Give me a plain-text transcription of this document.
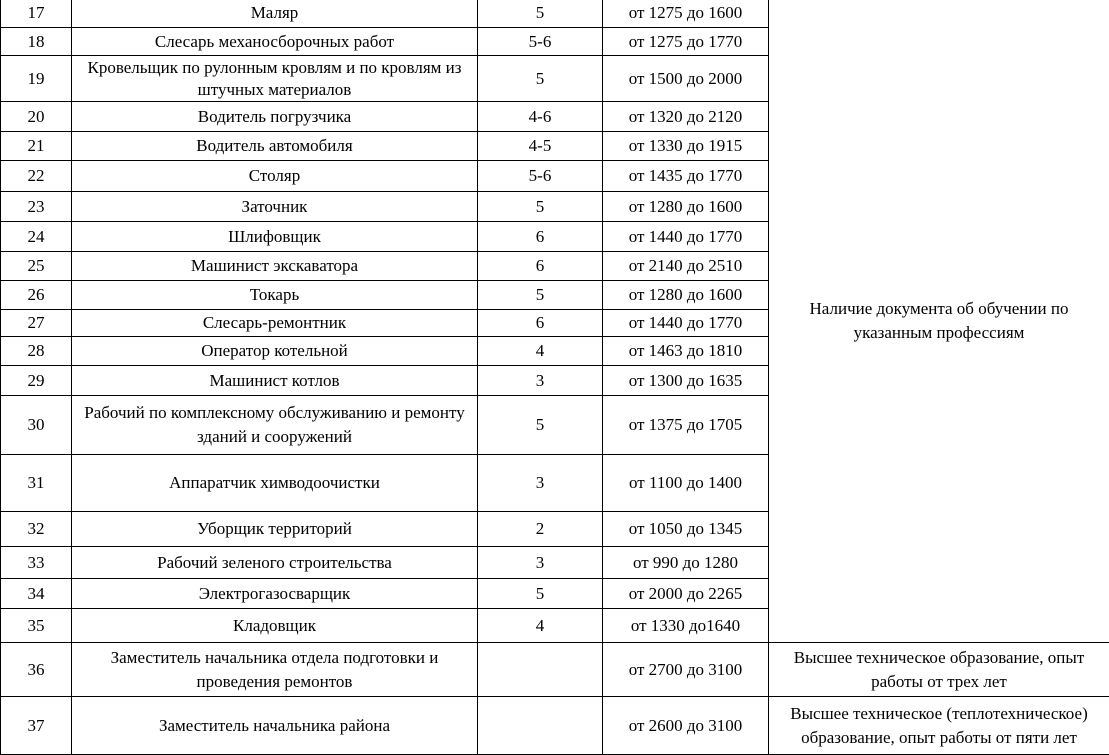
17	Маляр	5	от 1275 до 1600	Наличие документа об обучении по указанным профессиям
18	Слесарь механосборочных работ	5-6	от 1275 до 1770	
19	Кровельщик по рулонным кровлям и по кровлям из штучных материалов	5	от 1500 до 2000	
20	Водитель погрузчика	4-6	от 1320 до 2120	
21	Водитель автомобиля	4-5	от 1330 до 1915	
22	Столяр	5-6	от 1435 до 1770	
23	Заточник	5	от 1280 до 1600	
24	Шлифовщик	6	от 1440 до 1770	
25	Машинист экскаватора	6	от 2140 до 2510	
26	Токарь	5	от 1280 до 1600	
27	Слесарь-ремонтник	6	от 1440 до 1770	
28	Оператор котельной	4	от 1463 до 1810	
29	Машинист котлов	3	от 1300 до 1635	
30	Рабочий по комплексному обслуживанию и ремонту зданий и сооружений	5	от 1375 до 1705	
31	Аппаратчик химводоочистки	3	от 1100 до 1400	
32	Уборщик территорий	2	от 1050 до 1345	
33	Рабочий зеленого строительства	3	от 990 до 1280	
34	Электрогазосварщик	5	от 2000 до 2265	
35	Кладовщик	4	от 1330 до1640	
36	Заместитель начальника отдела подготовки и проведения ремонтов		от 2700 до 3100	Высшее техническое образование, опыт работы от трех лет
37	Заместитель начальника района		от 2600 до 3100	Высшее техническое (теплотехническое) образование, опыт работы от пяти лет
